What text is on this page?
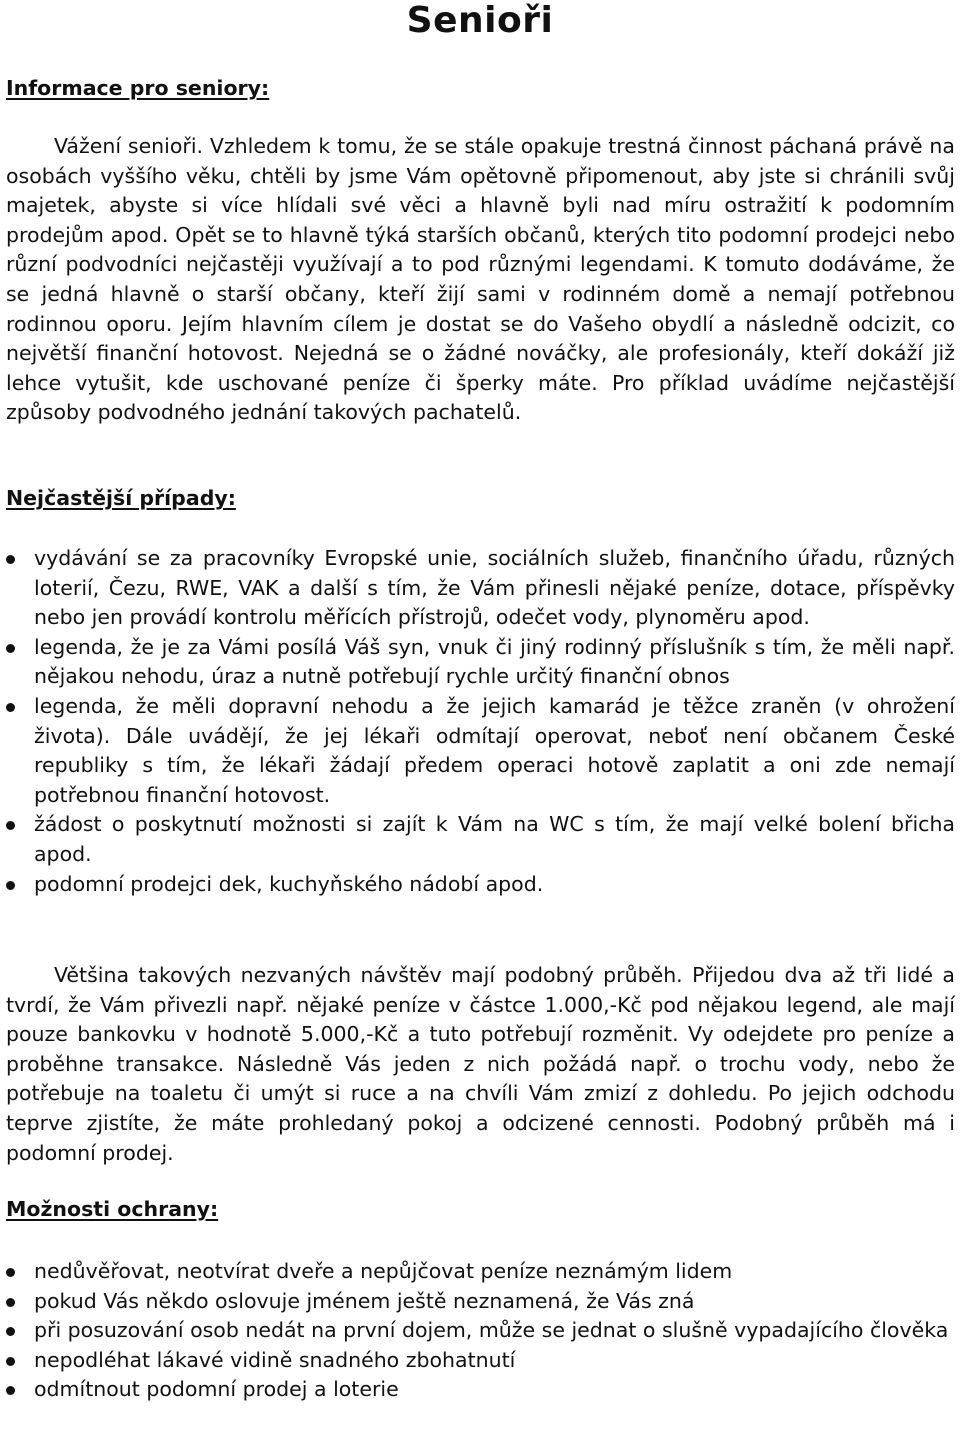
Senioři
Informace pro seniory:

Vážení senioři. Vzhledem k tomu, že se stále opakuje trestná činnost páchaná právě na osobách vyššího věku, chtěli by jsme Vám opětovně připomenout, aby jste si chránili svůj majetek, abyste si více hlídali své věci a hlavně byli nad míru ostražití k podomním prodejům apod. Opět se to hlavně týká starších občanů, kterých tito podomní prodejci nebo různí podvodníci nejčastěji využívají a to pod různými legendami. K tomuto dodáváme, že se jedná hlavně o starší občany, kteří žijí sami v rodinném domě a nemají potřebnou rodinnou oporu. Jejím hlavním cílem je dostat se do Vašeho obydlí a následně odcizit, co největší finanční hotovost. Nejedná se o žádné nováčky, ale profesionály, kteří dokáží již lehce vytušit, kde uschované peníze či šperky máte. Pro příklad uvádíme nejčastější způsoby podvodného jednání takových pachatelů.

Nejčastější případy:
vydávání se za pracovníky Evropské unie, sociálních služeb, finančního úřadu, různých loterií, Čezu, RWE, VAK a další s tím, že Vám přinesli nějaké peníze, dotace, příspěvky nebo jen provádí kontrolu měřících přístrojů, odečet vody, plynoměru apod.
legenda, že je za Vámi posílá Váš syn, vnuk či jiný rodinný příslušník s tím, že měli např. nějakou nehodu, úraz a nutně potřebují rychle určitý finanční obnos
legenda, že měli dopravní nehodu a že jejich kamarád je těžce zraněn (v ohrožení života). Dále uvádějí, že jej lékaři odmítají operovat, neboť není občanem České republiky s tím, že lékaři žádají předem operaci hotově zaplatit a oni zde nemají potřebnou finanční hotovost.
žádost o poskytnutí možnosti si zajít k Vám na WC s tím, že mají velké bolení břicha apod.
podomní prodejci dek, kuchyňského nádobí apod.

Většina takových nezvaných návštěv mají podobný průběh. Přijedou dva až tři lidé a tvrdí, že Vám přivezli např. nějaké peníze v částce 1.000,-Kč pod nějakou legend, ale mají pouze bankovku v hodnotě 5.000,-Kč a tuto potřebují rozměnit. Vy odejdete pro peníze a proběhne transakce. Následně Vás jeden z nich požádá např. o trochu vody, nebo že potřebuje na toaletu či umýt si ruce a na chvíli Vám zmizí z dohledu. Po jejich odchodu teprve zjistíte, že máte prohledaný pokoj a odcizené cennosti. Podobný průběh má i podomní prodej.

Možnosti ochrany:
nedůvěřovat, neotvírat dveře a nepůjčovat peníze neznámým lidem
pokud Vás někdo oslovuje jménem ještě neznamená, že Vás zná
při posuzování osob nedát na první dojem, může se jednat o slušně vypadajícího člověka
nepodléhat lákavé vidině snadného zbohatnutí
odmítnout podomní prodej a loterie
